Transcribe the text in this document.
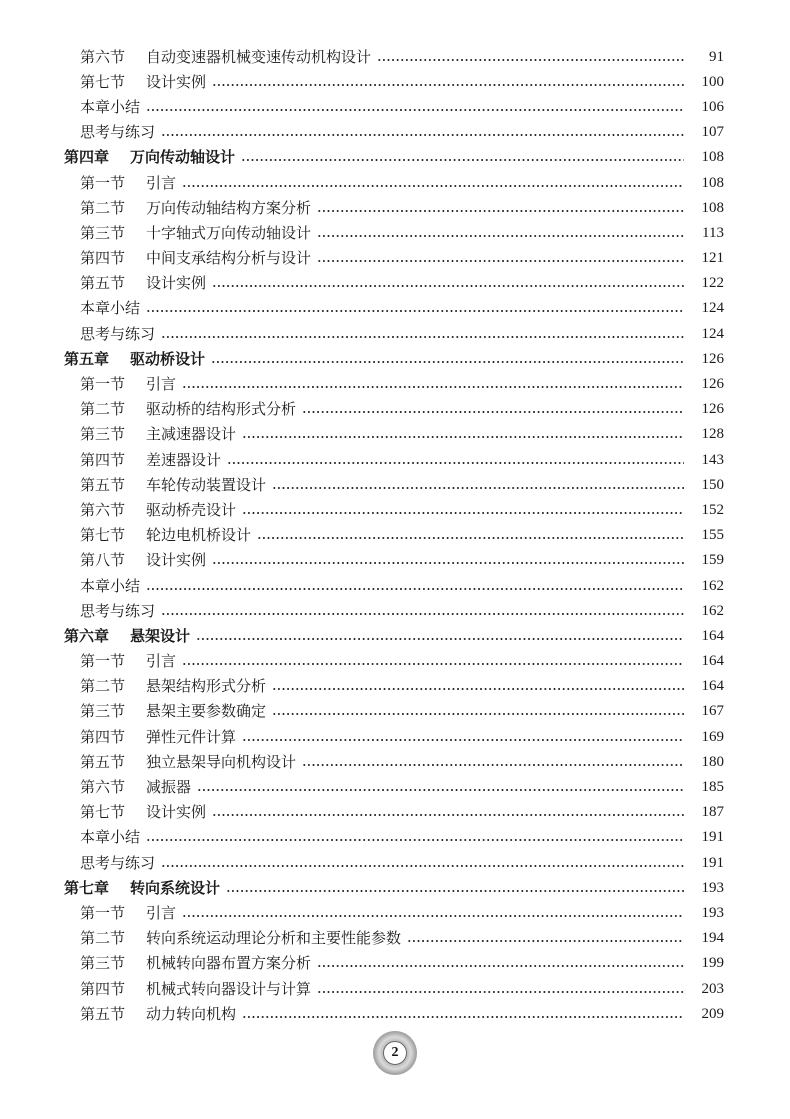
第六节	自动变速器机械变速传动机构设计	91
第七节	设计实例	100
本章小结	106
思考与练习	107
第四章	万向传动轴设计	108
第一节	引言	108
第二节	万向传动轴结构方案分析	108
第三节	十字轴式万向传动轴设计	113
第四节	中间支承结构分析与设计	121
第五节	设计实例	122
本章小结	124
思考与练习	124
第五章	驱动桥设计	126
第一节	引言	126
第二节	驱动桥的结构形式分析	126
第三节	主减速器设计	128
第四节	差速器设计	143
第五节	车轮传动装置设计	150
第六节	驱动桥壳设计	152
第七节	轮边电机桥设计	155
第八节	设计实例	159
本章小结	162
思考与练习	162
第六章	悬架设计	164
第一节	引言	164
第二节	悬架结构形式分析	164
第三节	悬架主要参数确定	167
第四节	弹性元件计算	169
第五节	独立悬架导向机构设计	180
第六节	减振器	185
第七节	设计实例	187
本章小结	191
思考与练习	191
第七章	转向系统设计	193
第一节	引言	193
第二节	转向系统运动理论分析和主要性能参数	194
第三节	机械转向器布置方案分析	199
第四节	机械式转向器设计与计算	203
第五节	动力转向机构	209
2
